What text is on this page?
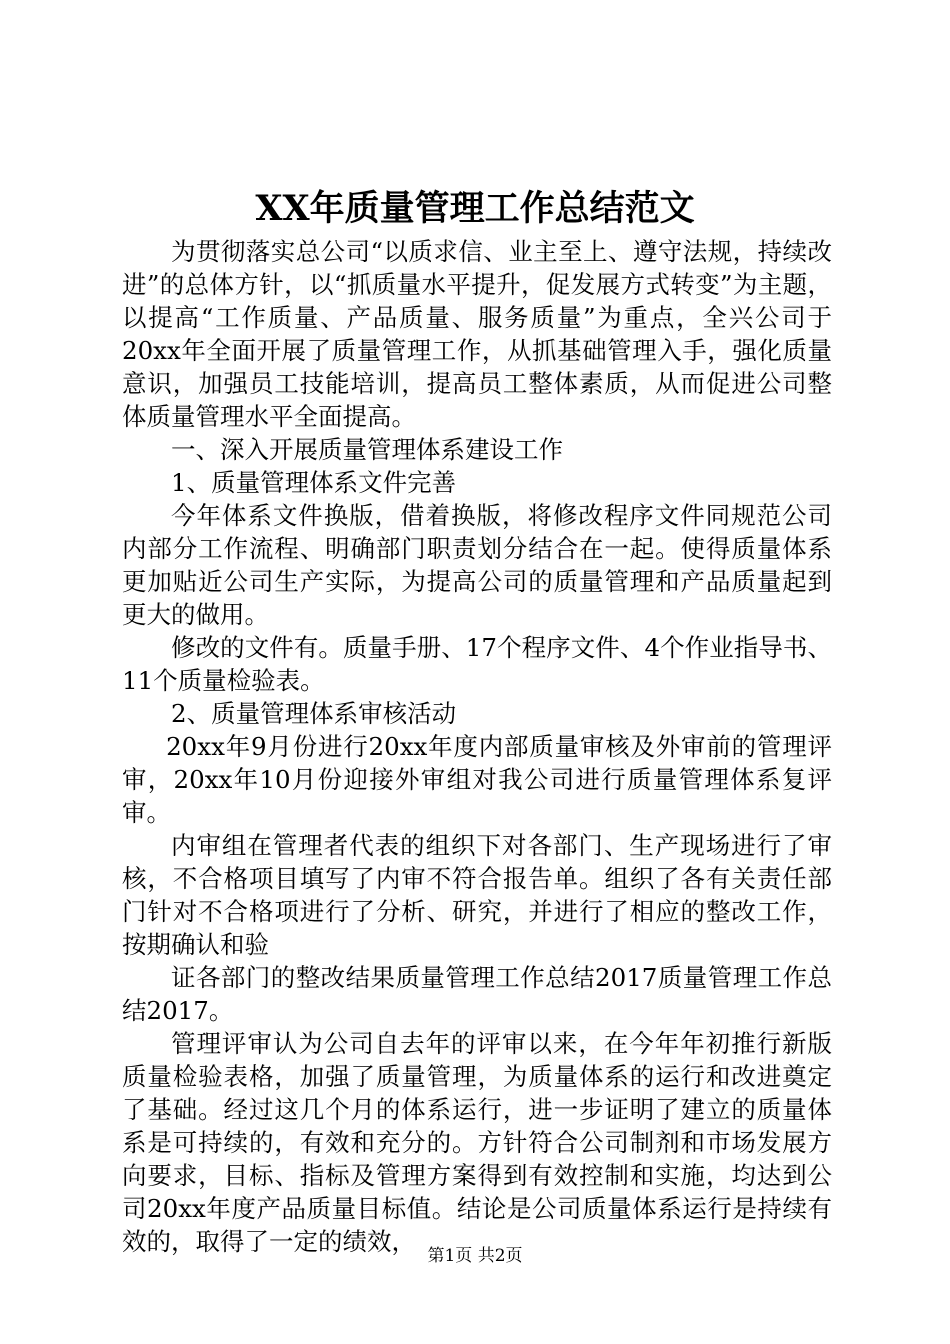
XX年质量管理工作总结范文

为贯彻落实总公司“以质求信、业主至上、遵守法规，持续改进”的总体方针，以“抓质量水平提升，促发展方式转变”为主题，以提高“工作质量、产品质量、服务质量”为重点，全兴公司于20xx年全面开展了质量管理工作，从抓基础管理入手，强化质量意识，加强员工技能培训，提高员工整体素质，从而促进公司整体质量管理水平全面提高。

一、深入开展质量管理体系建设工作

1、质量管理体系文件完善

今年体系文件换版，借着换版，将修改程序文件同规范公司内部分工作流程、明确部门职责划分结合在一起。使得质量体系更加贴近公司生产实际，为提高公司的质量管理和产品质量起到更大的做用。

修改的文件有。质量手册、17个程序文件、4个作业指导书、11个质量检验表。

2、质量管理体系审核活动

20xx年9月份进行20xx年度内部质量审核及外审前的管理评审，20xx年10月份迎接外审组对我公司进行质量管理体系复评审。

内审组在管理者代表的组织下对各部门、生产现场进行了审核，不合格项目填写了内审不符合报告单。组织了各有关责任部门针对不合格项进行了分析、研究，并进行了相应的整改工作，按期确认和验

证各部门的整改结果质量管理工作总结2017质量管理工作总结2017。

管理评审认为公司自去年的评审以来，在今年年初推行新版质量检验表格，加强了质量管理，为质量体系的运行和改进奠定了基础。经过这几个月的体系运行，进一步证明了建立的质量体系是可持续的，有效和充分的。方针符合公司制剂和市场发展方向要求，目标、指标及管理方案得到有效控制和实施，均达到公司20xx年度产品质量目标值。结论是公司质量体系运行是持续有效的，取得了一定的绩效， 第1页 共2页
